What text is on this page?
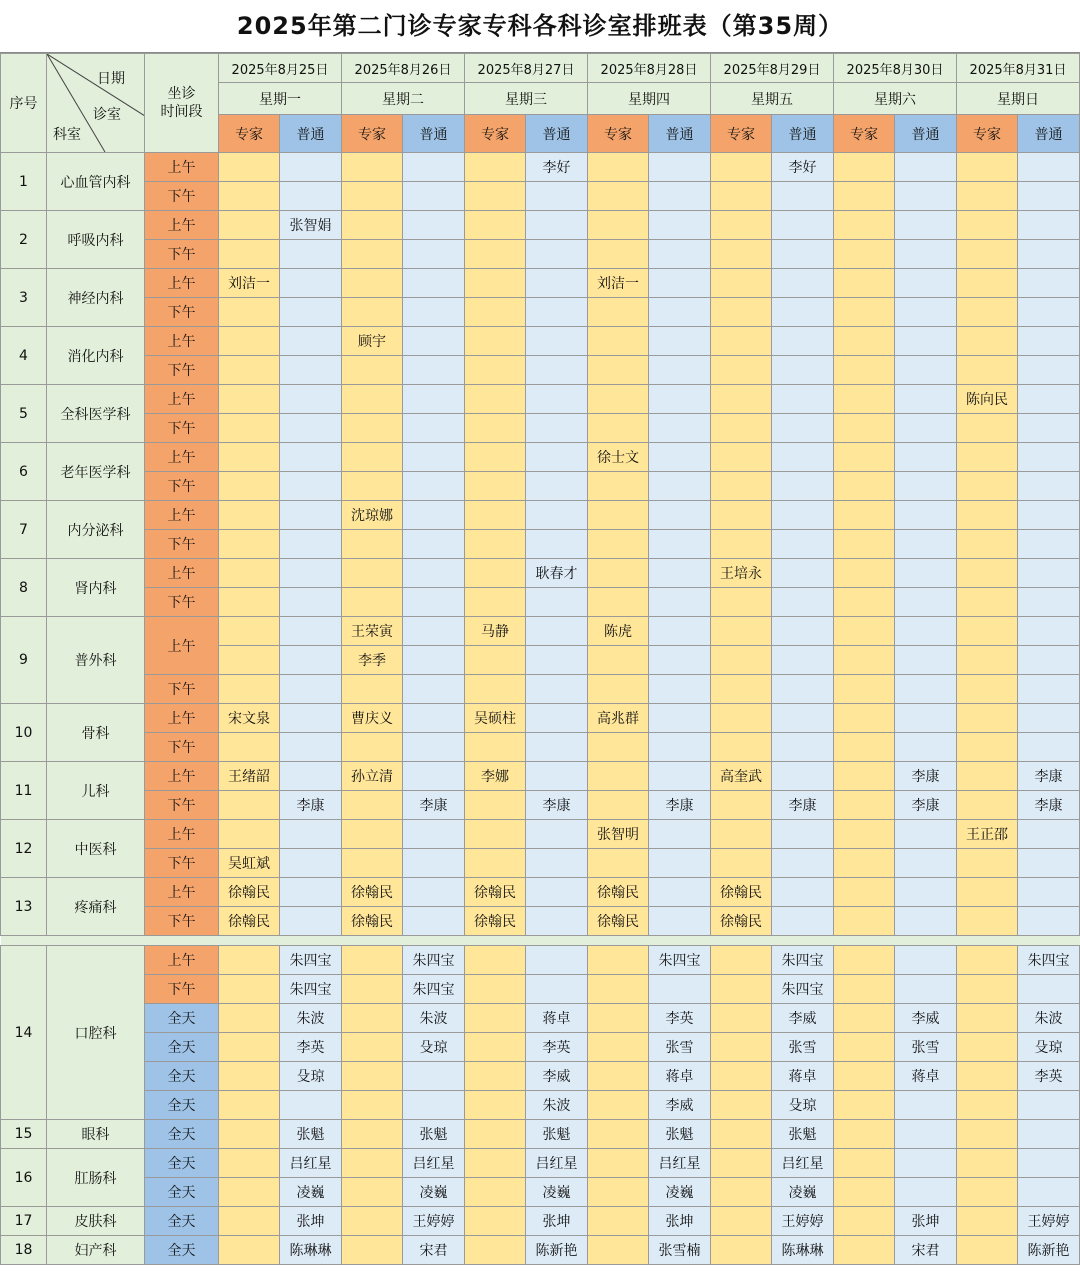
2025年第二门诊专家专科各科诊室排班表（第35周）
序号	日期
诊室
科室	坐诊
时间段	2025年8月25日		2025年8月26日		2025年8月27日		2025年8月28日		2025年8月29日		2025年8月30日		2025年8月31日	
			星期一		星期二		星期三		星期四		星期五		星期六		星期日	
			专家	普通	专家	普通	专家	普通	专家	普通	专家	普通	专家	普通	专家	普通
1	心血管内科	上午						李好				李好				
		下午														
2	呼吸内科	上午		张智娟												
		下午														
3	神经内科	上午	刘洁一						刘洁一							
		下午														
4	消化内科	上午			顾宇											
		下午														
5	全科医学科	上午													陈向民	
		下午														
6	老年医学科	上午							徐士文							
		下午														
7	内分泌科	上午			沈琼娜											
		下午														
8	肾内科	上午						耿春才			王培永					
		下午														
9	普外科	上午			王荣寅		马静		陈虎							
					李季											
		下午														
10	骨科	上午	宋文泉		曹庆义		吴硕柱		高兆群							
		下午														
11	儿科	上午	王绪韶		孙立清		李娜				高奎武			李康		李康
		下午		李康		李康		李康		李康		李康		李康		李康
12	中医科	上午							张智明						王正邵	
		下午	吴虹斌													
13	疼痛科	上午	徐翰民		徐翰民		徐翰民		徐翰民		徐翰民					
		下午	徐翰民		徐翰民		徐翰民		徐翰民		徐翰民					

14	口腔科	上午		朱四宝		朱四宝				朱四宝		朱四宝				朱四宝
		下午		朱四宝		朱四宝						朱四宝				
		全天		朱波		朱波		蒋卓		李英		李威		李威		朱波
		全天		李英		殳琼		李英		张雪		张雪		张雪		殳琼
		全天		殳琼				李威		蒋卓		蒋卓		蒋卓		李英
		全天						朱波		李威		殳琼				
15	眼科	全天		张魁		张魁		张魁		张魁		张魁				
16	肛肠科	全天		吕红星		吕红星		吕红星		吕红星		吕红星				
		全天		凌巍		凌巍		凌巍		凌巍		凌巍				
17	皮肤科	全天		张坤		王婷婷		张坤		张坤		王婷婷		张坤		王婷婷
18	妇产科	全天		陈琳琳		宋君		陈新艳		张雪楠		陈琳琳		宋君		陈新艳
